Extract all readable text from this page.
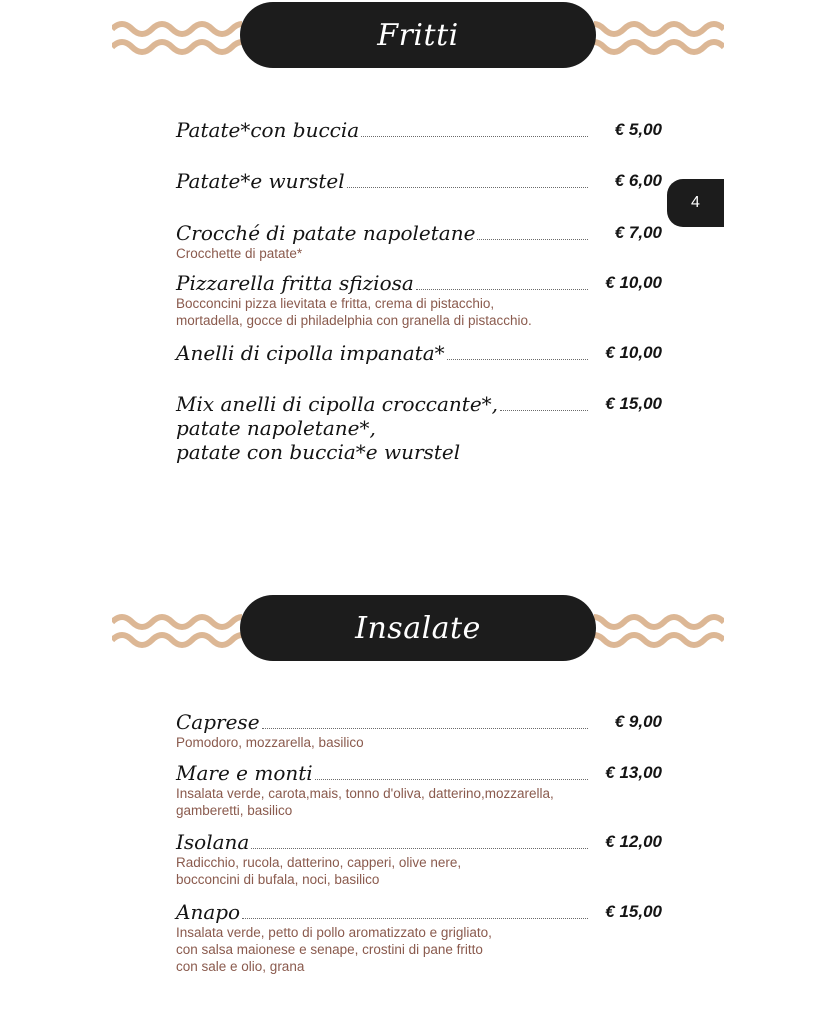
Fritti
Patate*con buccia	€ 5,00
Patate*e wurstel	€ 6,00
Crocché di patate napoletane	€ 7,00
Crocchette di patate*
Pizzarella fritta sfiziosa	€ 10,00
Bocconcini pizza lievitata e fritta, crema di pistacchio,
mortadella, gocce di philadelphia con granella di pistacchio.
Anelli di cipolla impanata*	€ 10,00
Mix anelli di cipolla croccante*,	€ 15,00
patate napoletane*,
patate con buccia*e wurstel
Insalate
Caprese	€ 9,00
Pomodoro, mozzarella, basilico
Mare e monti	€ 13,00
Insalata verde, carota,mais, tonno d'oliva, datterino,mozzarella,
gamberetti, basilico
Isolana	€ 12,00
Radicchio, rucola, datterino, capperi, olive nere,
bocconcini di bufala, noci, basilico
Anapo	€ 15,00
Insalata verde, petto di pollo aromatizzato e grigliato,
con salsa maionese e senape, crostini di pane fritto
con sale e olio, grana
4
